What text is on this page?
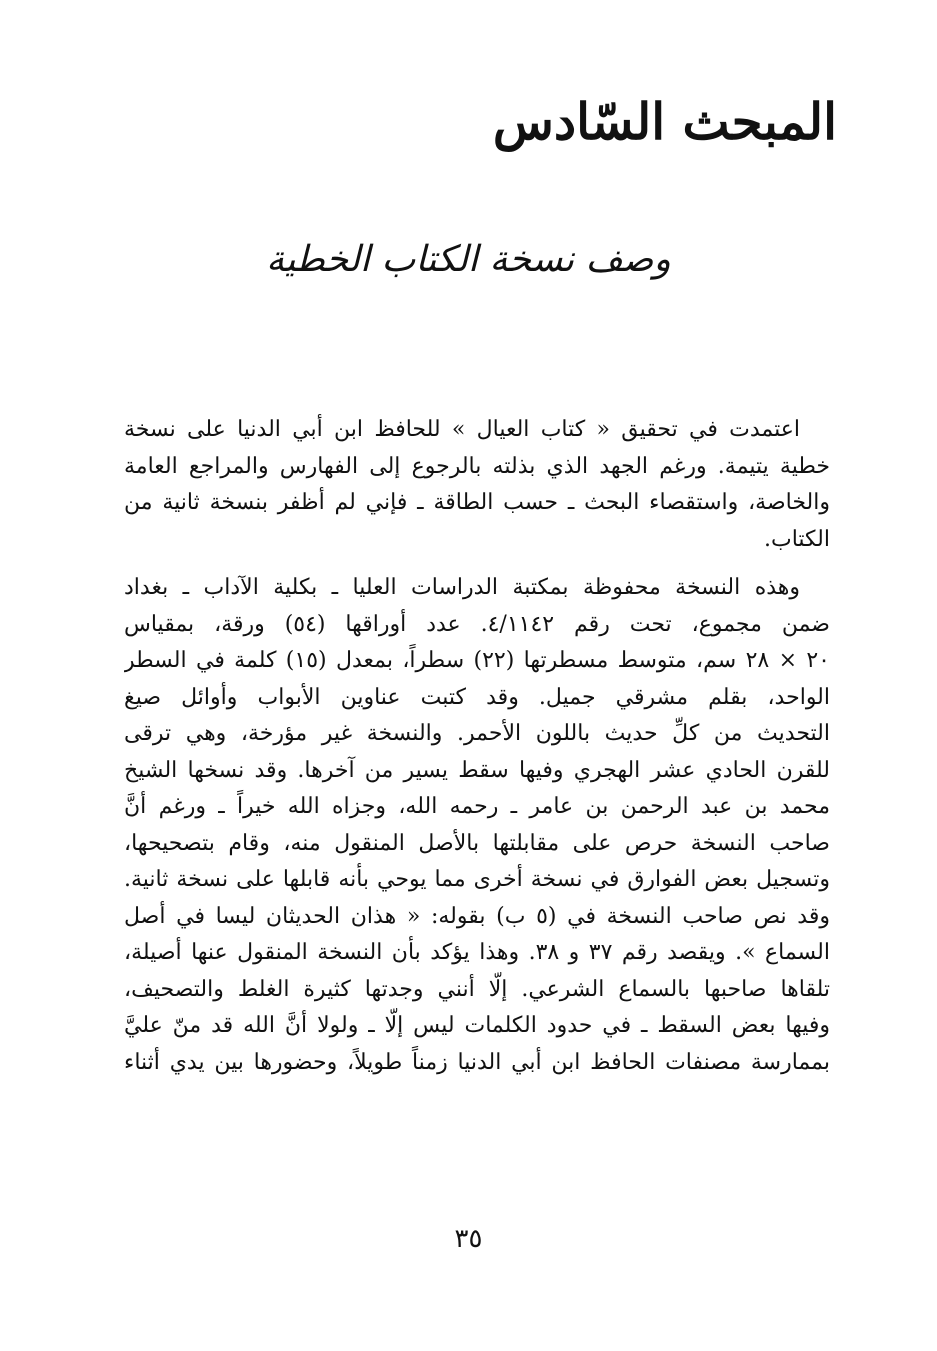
المبحث السّادس
وصف نسخة الكتاب الخطية

اعتمدت في تحقيق « كتاب العيال » للحافظ ابن أبي الدنيا على نسخة
خطية يتيمة. ورغم الجهد الذي بذلته بالرجوع إلى الفهارس والمراجع العامة
والخاصة، واستقصاء البحث ـ حسب الطاقة ـ فإني لم أظفر بنسخة ثانية من
الكتاب.

وهذه النسخة محفوظة بمكتبة الدراسات العليا ـ بكلية الآداب ـ بغداد
ضمن مجموع، تحت رقم ٤/١١٤٢. عدد أوراقها (٥٤) ورقة، بمقياس
٢٠ × ٢٨ سم، متوسط مسطرتها (٢٢) سطراً، بمعدل (١٥) كلمة في السطر
الواحد، بقلم مشرقي جميل. وقد كتبت عناوين الأبواب وأوائل صيغ
التحديث من كلِّ حديث باللون الأحمر. والنسخة غير مؤرخة، وهي ترقى
للقرن الحادي عشر الهجري وفيها سقط يسير من آخرها. وقد نسخها الشيخ
محمد بن عبد الرحمن بن عامر ـ رحمه الله، وجزاه الله خيراً ـ ورغم أنَّ
صاحب النسخة حرص على مقابلتها بالأصل المنقول منه، وقام بتصحيحها،
وتسجيل بعض الفوارق في نسخة أخرى مما يوحي بأنه قابلها على نسخة ثانية.
وقد نص صاحب النسخة في (٥ ب) بقوله: « هذان الحديثان ليسا في أصل
السماع ». ويقصد رقم ٣٧ و ٣٨. وهذا يؤكد بأن النسخة المنقول عنها أصيلة،
تلقاها صاحبها بالسماع الشرعي. إلّا أنني وجدتها كثيرة الغلط والتصحيف،
وفيها بعض السقط ـ في حدود الكلمات ليس إلّا ـ ولولا أنَّ الله قد منّ عليَّ
بممارسة مصنفات الحافظ ابن أبي الدنيا زمناً طويلاً، وحضورها بين يدي أثناء

٣٥
